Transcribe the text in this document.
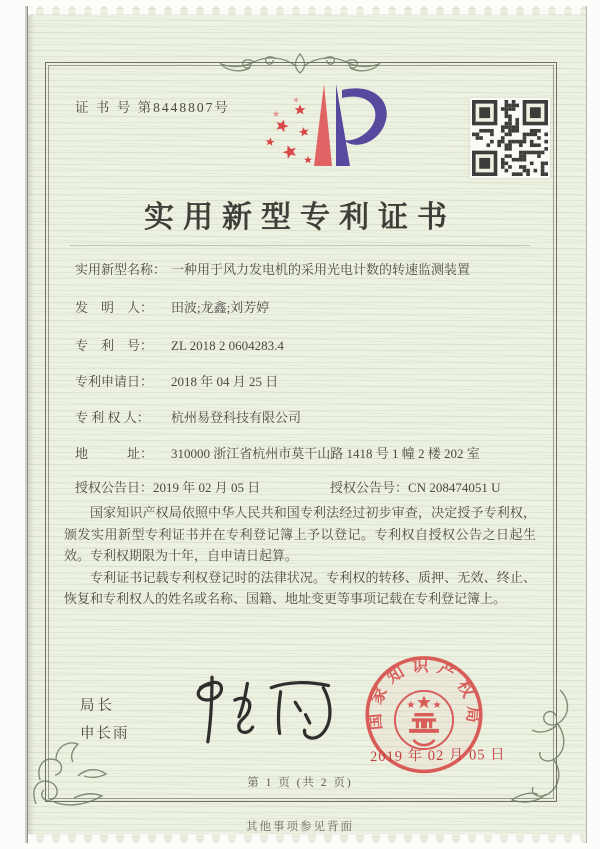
证 书 号 第8448807号
实用新型专利证书
实用新型名称： 一种用于风力发电机的采用光电计数的转速监测装置
发　明　人： 田波;龙鑫;刘芳婷
专　利　号： ZL 2018 2 0604283.4
专利申请日： 2018 年 04 月 25 日
专 利 权 人： 杭州易登科技有限公司
地　　　址： 310000 浙江省杭州市莫干山路 1418 号 1 幢 2 楼 202 室
授权公告日：2019 年 02 月 05 日	授权公告号：CN 208474051 U

国家知识产权局依照中华人民共和国专利法经过初步审查，决定授予专利权，颁发实用新型专利证书并在专利登记簿上予以登记。专利权自授权公告之日起生效。专利权期限为十年，自申请日起算。

专利证书记载专利权登记时的法律状况。专利权的转移、质押、无效、终止、恢复和专利权人的姓名或名称、国籍、地址变更等事项记载在专利登记簿上。

局长
申长雨
国家知识产权局
2019 年 02 月 05 日
第 1 页 (共 2 页)
其他事项参见背面
